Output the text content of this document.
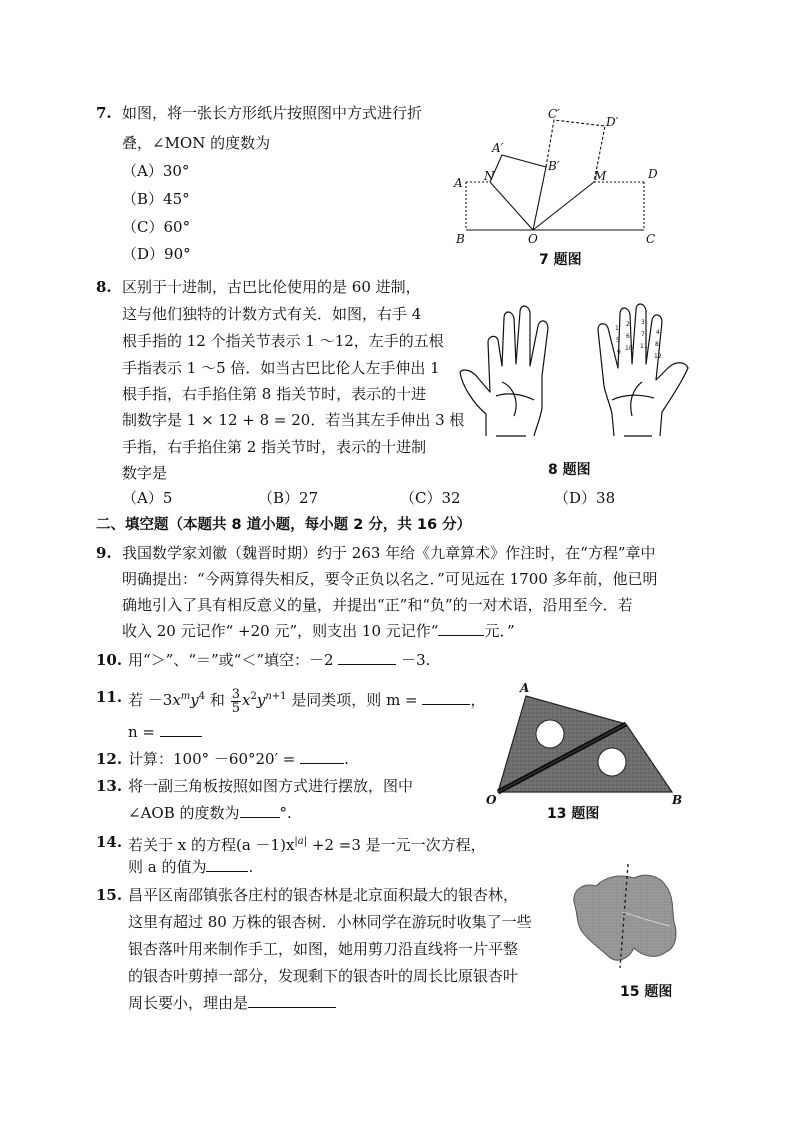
7. 如图，将一张长方形纸片按照图中方式进行折
叠，∠MON 的度数为
（A）30°
（B）45°
（C）60°
（D）90°
A
B	O	C
D
N	M
A′
B′
C′
D′
7 题图
8. 区别于十进制，古巴比伦使用的是 60 进制，
这与他们独特的计数方式有关．如图，右手 4
根手指的 12 个指关节表示 1 ～12，左手的五根
手指表示 1 ～5 倍．如当古巴比伦人左手伸出 1
根手指，右手掐住第 8 指关节时，表示的十进
制数字是 1 × 12 + 8 = 20．若当其左手伸出 3 根
手指，右手掐住第 2 指关节时，表示的十进制
数字是
（A）5	（B）27	（C）32	（D）38
1
2 3
4
5
6 7
8
9
10 11
12
8 题图
二、填空题（本题共 8 道小题，每小题 2 分，共 16 分）
9. 我国数学家刘徽（魏晋时期）约于 263 年给《九章算术》作注时，在“方程”章中
明确提出：“今两算得失相反，要令正负以名之．”可见远在 1700 多年前，他已明
确地引入了具有相反意义的量，并提出“正”和“负”的一对术语，沿用至今．若
收入 20 元记作“ +20 元”，则支出 10 元记作“	元．”
10. 用“＞”、“＝”或“＜”填空：－2	－3.
11. 若 $-3x^my^4$ 和 $\frac{3}{5} x^2y^{n+1}$ 是同类项，则 m =	，
n =
12. 计算：100° －60°20′ =	.
13. 将一副三角板按照如图方式进行摆放，图中
∠AOB 的度数为	°.
A
O	B
13 题图
14. 若关于 x 的方程$(a -1)x^{|a|} +2 =3$ 是一元一次方程，
则 a 的值为	.
15. 昌平区南邵镇张各庄村的银杏林是北京面积最大的银杏林，
这里有超过 80 万株的银杏树．小林同学在游玩时收集了一些
银杏落叶用来制作手工，如图，她用剪刀沿直线将一片平整
的银杏叶剪掉一部分，发现剩下的银杏叶的周长比原银杏叶
周长要小，理由是
15 题图
